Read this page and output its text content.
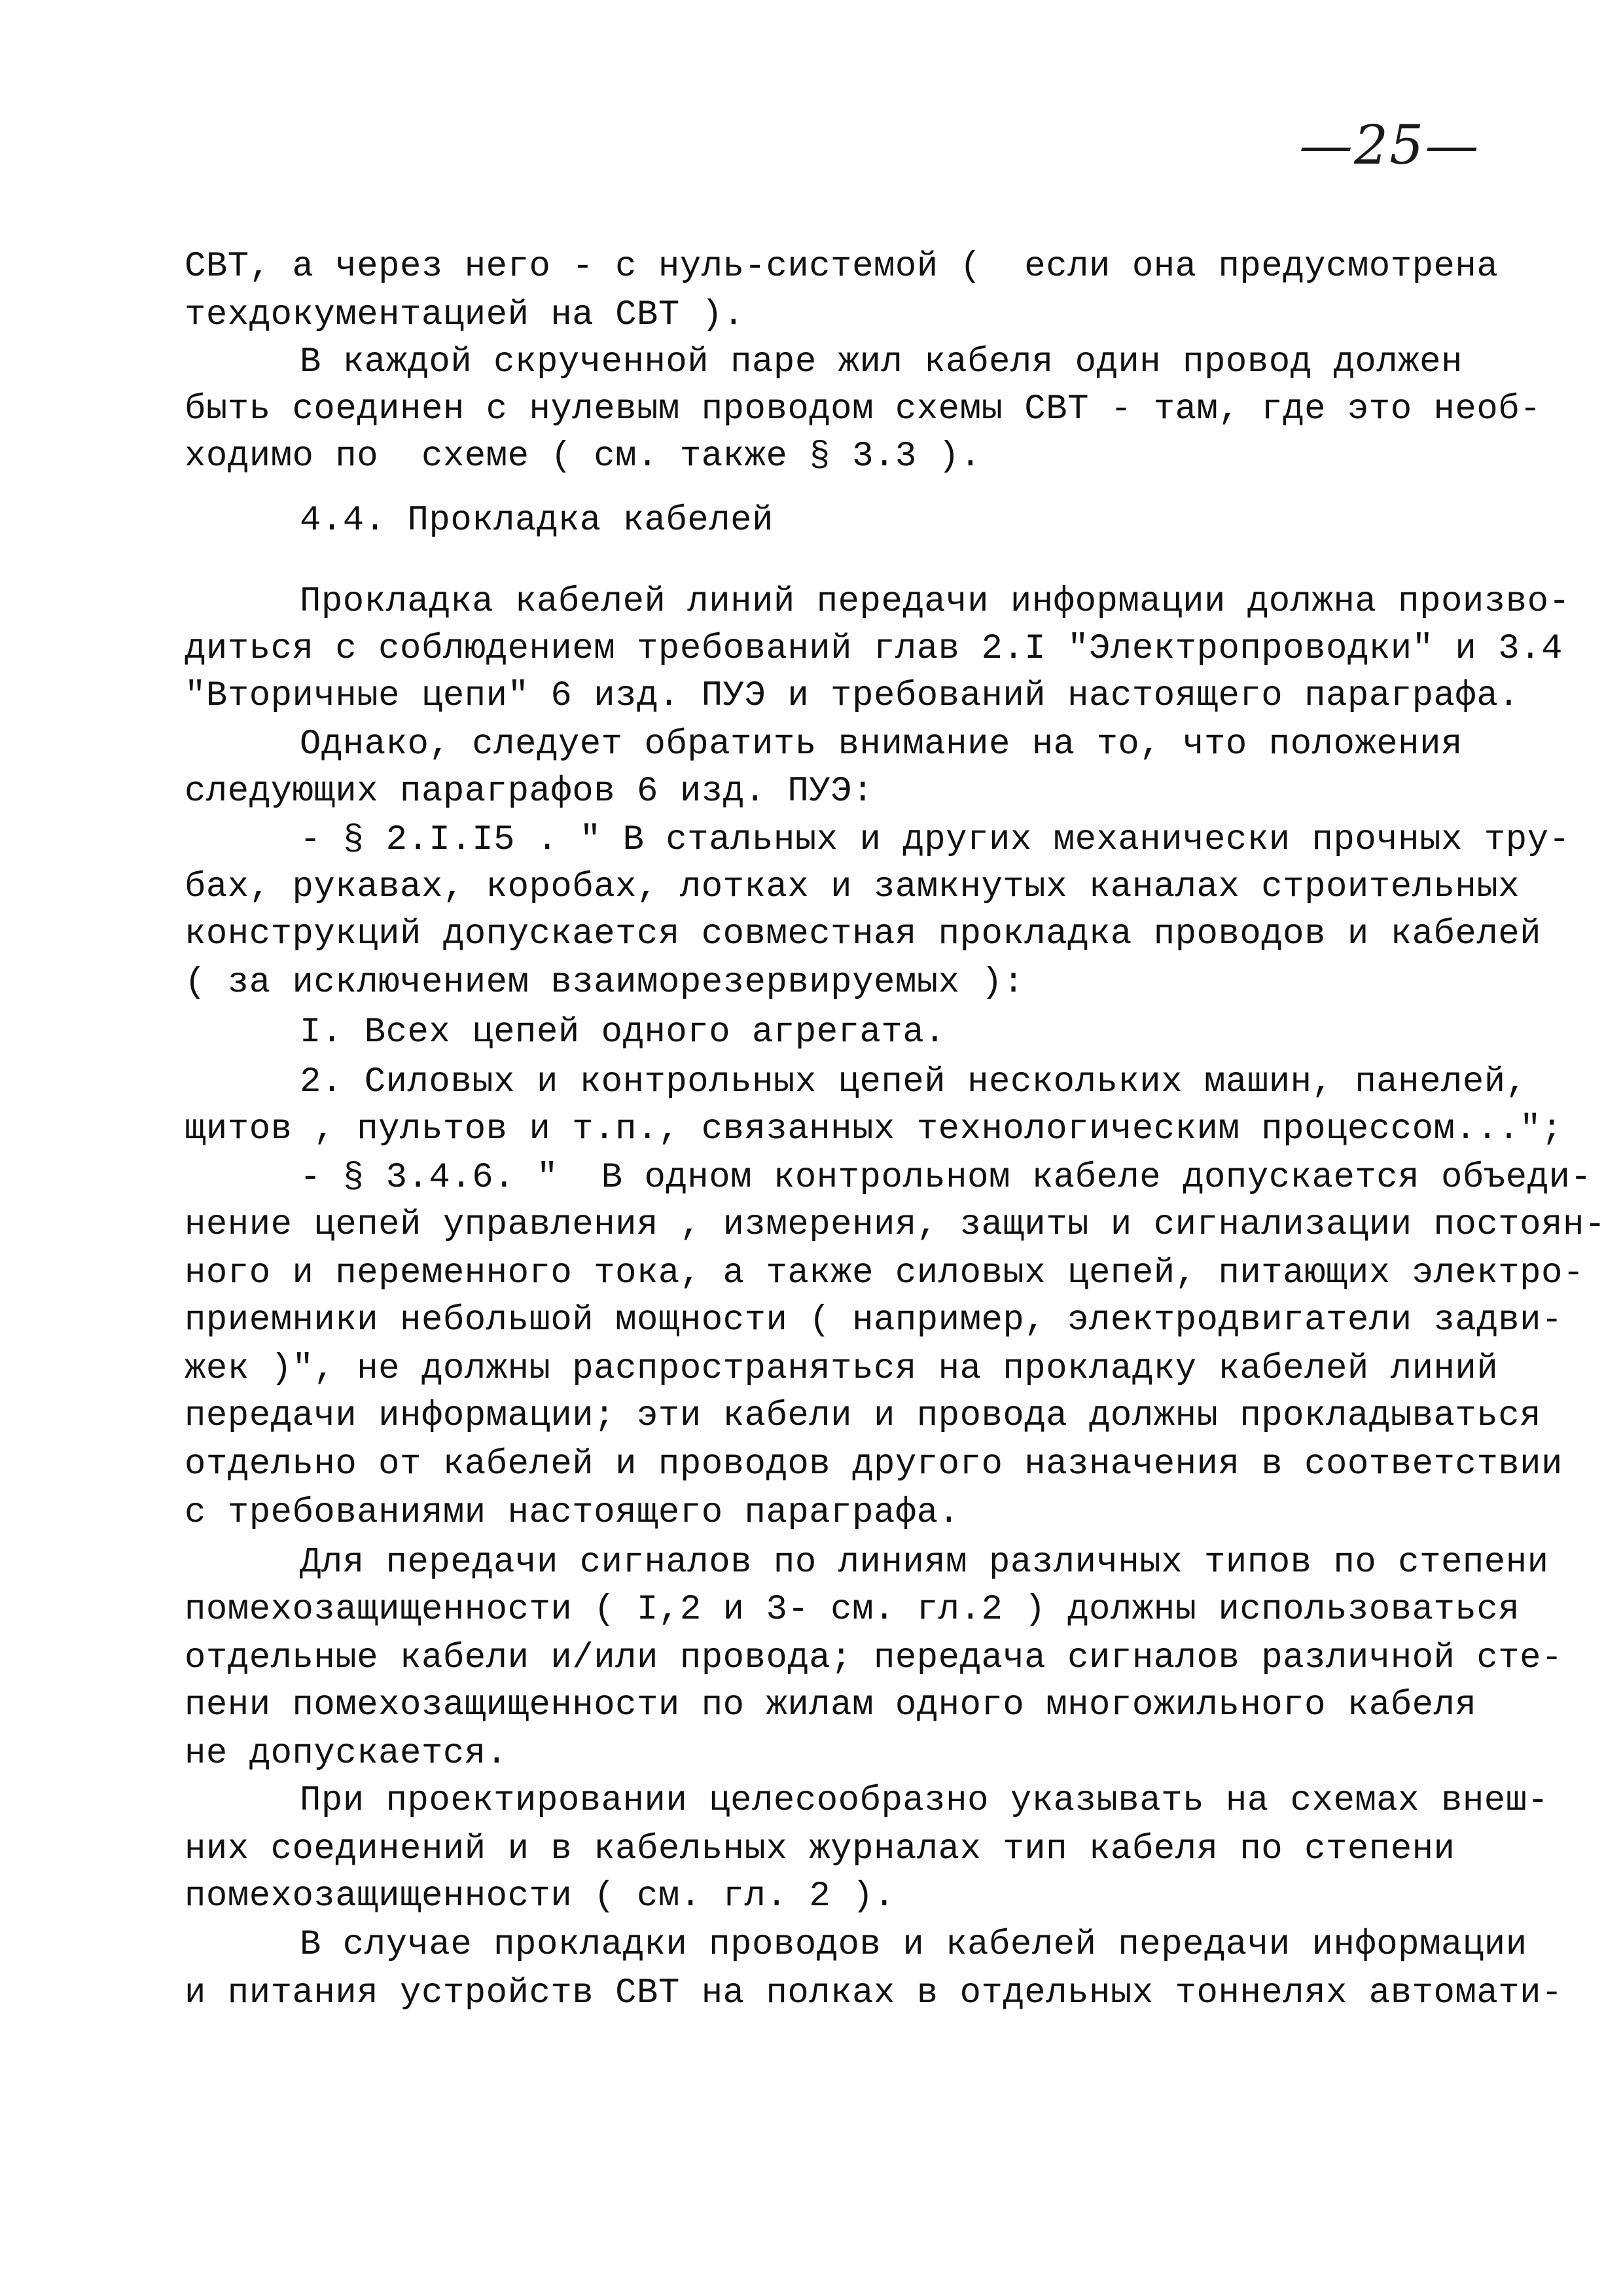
—25—
СВТ, а через него - с нуль-системой (  если она предусмотрена
техдокументацией на СВТ ).
В каждой скрученной паре жил кабеля один провод должен
быть соединен с нулевым проводом схемы СВТ - там, где это необ-
ходимо по  схеме ( см. также § 3.3 ).
4.4. Прокладка кабелей
Прокладка кабелей линий передачи информации должна произво-
диться с соблюдением требований глав 2.I "Электропроводки" и 3.4
"Вторичные цепи" 6 изд. ПУЭ и требований настоящего параграфа.
Однако, следует обратить внимание на то, что положения
следующих параграфов 6 изд. ПУЭ:
- § 2.I.I5 . " В стальных и других механически прочных тру-
бах, рукавах, коробах, лотках и замкнутых каналах строительных
конструкций допускается совместная прокладка проводов и кабелей
( за исключением взаиморезервируемых ):
I. Всех цепей одного агрегата.
2. Силовых и контрольных цепей нескольких машин, панелей,
щитов , пультов и т.п., связанных технологическим процессом...";
- § 3.4.6. "  В одном контрольном кабеле допускается объеди-
нение цепей управления , измерения, защиты и сигнализации постоян-
ного и переменного тока, а также силовых цепей, питающих электро-
приемники небольшой мощности ( например, электродвигатели задви-
жек )", не должны распространяться на прокладку кабелей линий
передачи информации; эти кабели и провода должны прокладываться
отдельно от кабелей и проводов другого назначения в соответствии
с требованиями настоящего параграфа.
Для передачи сигналов по линиям различных типов по степени
помехозащищенности ( I,2 и 3- см. гл.2 ) должны использоваться
отдельные кабели и/или провода; передача сигналов различной сте-
пени помехозащищенности по жилам одного многожильного кабеля
не допускается.
При проектировании целесообразно указывать на схемах внеш-
них соединений и в кабельных журналах тип кабеля по степени
помехозащищенности ( см. гл. 2 ).
В случае прокладки проводов и кабелей передачи информации
и питания устройств СВТ на полках в отдельных тоннелях автомати-
